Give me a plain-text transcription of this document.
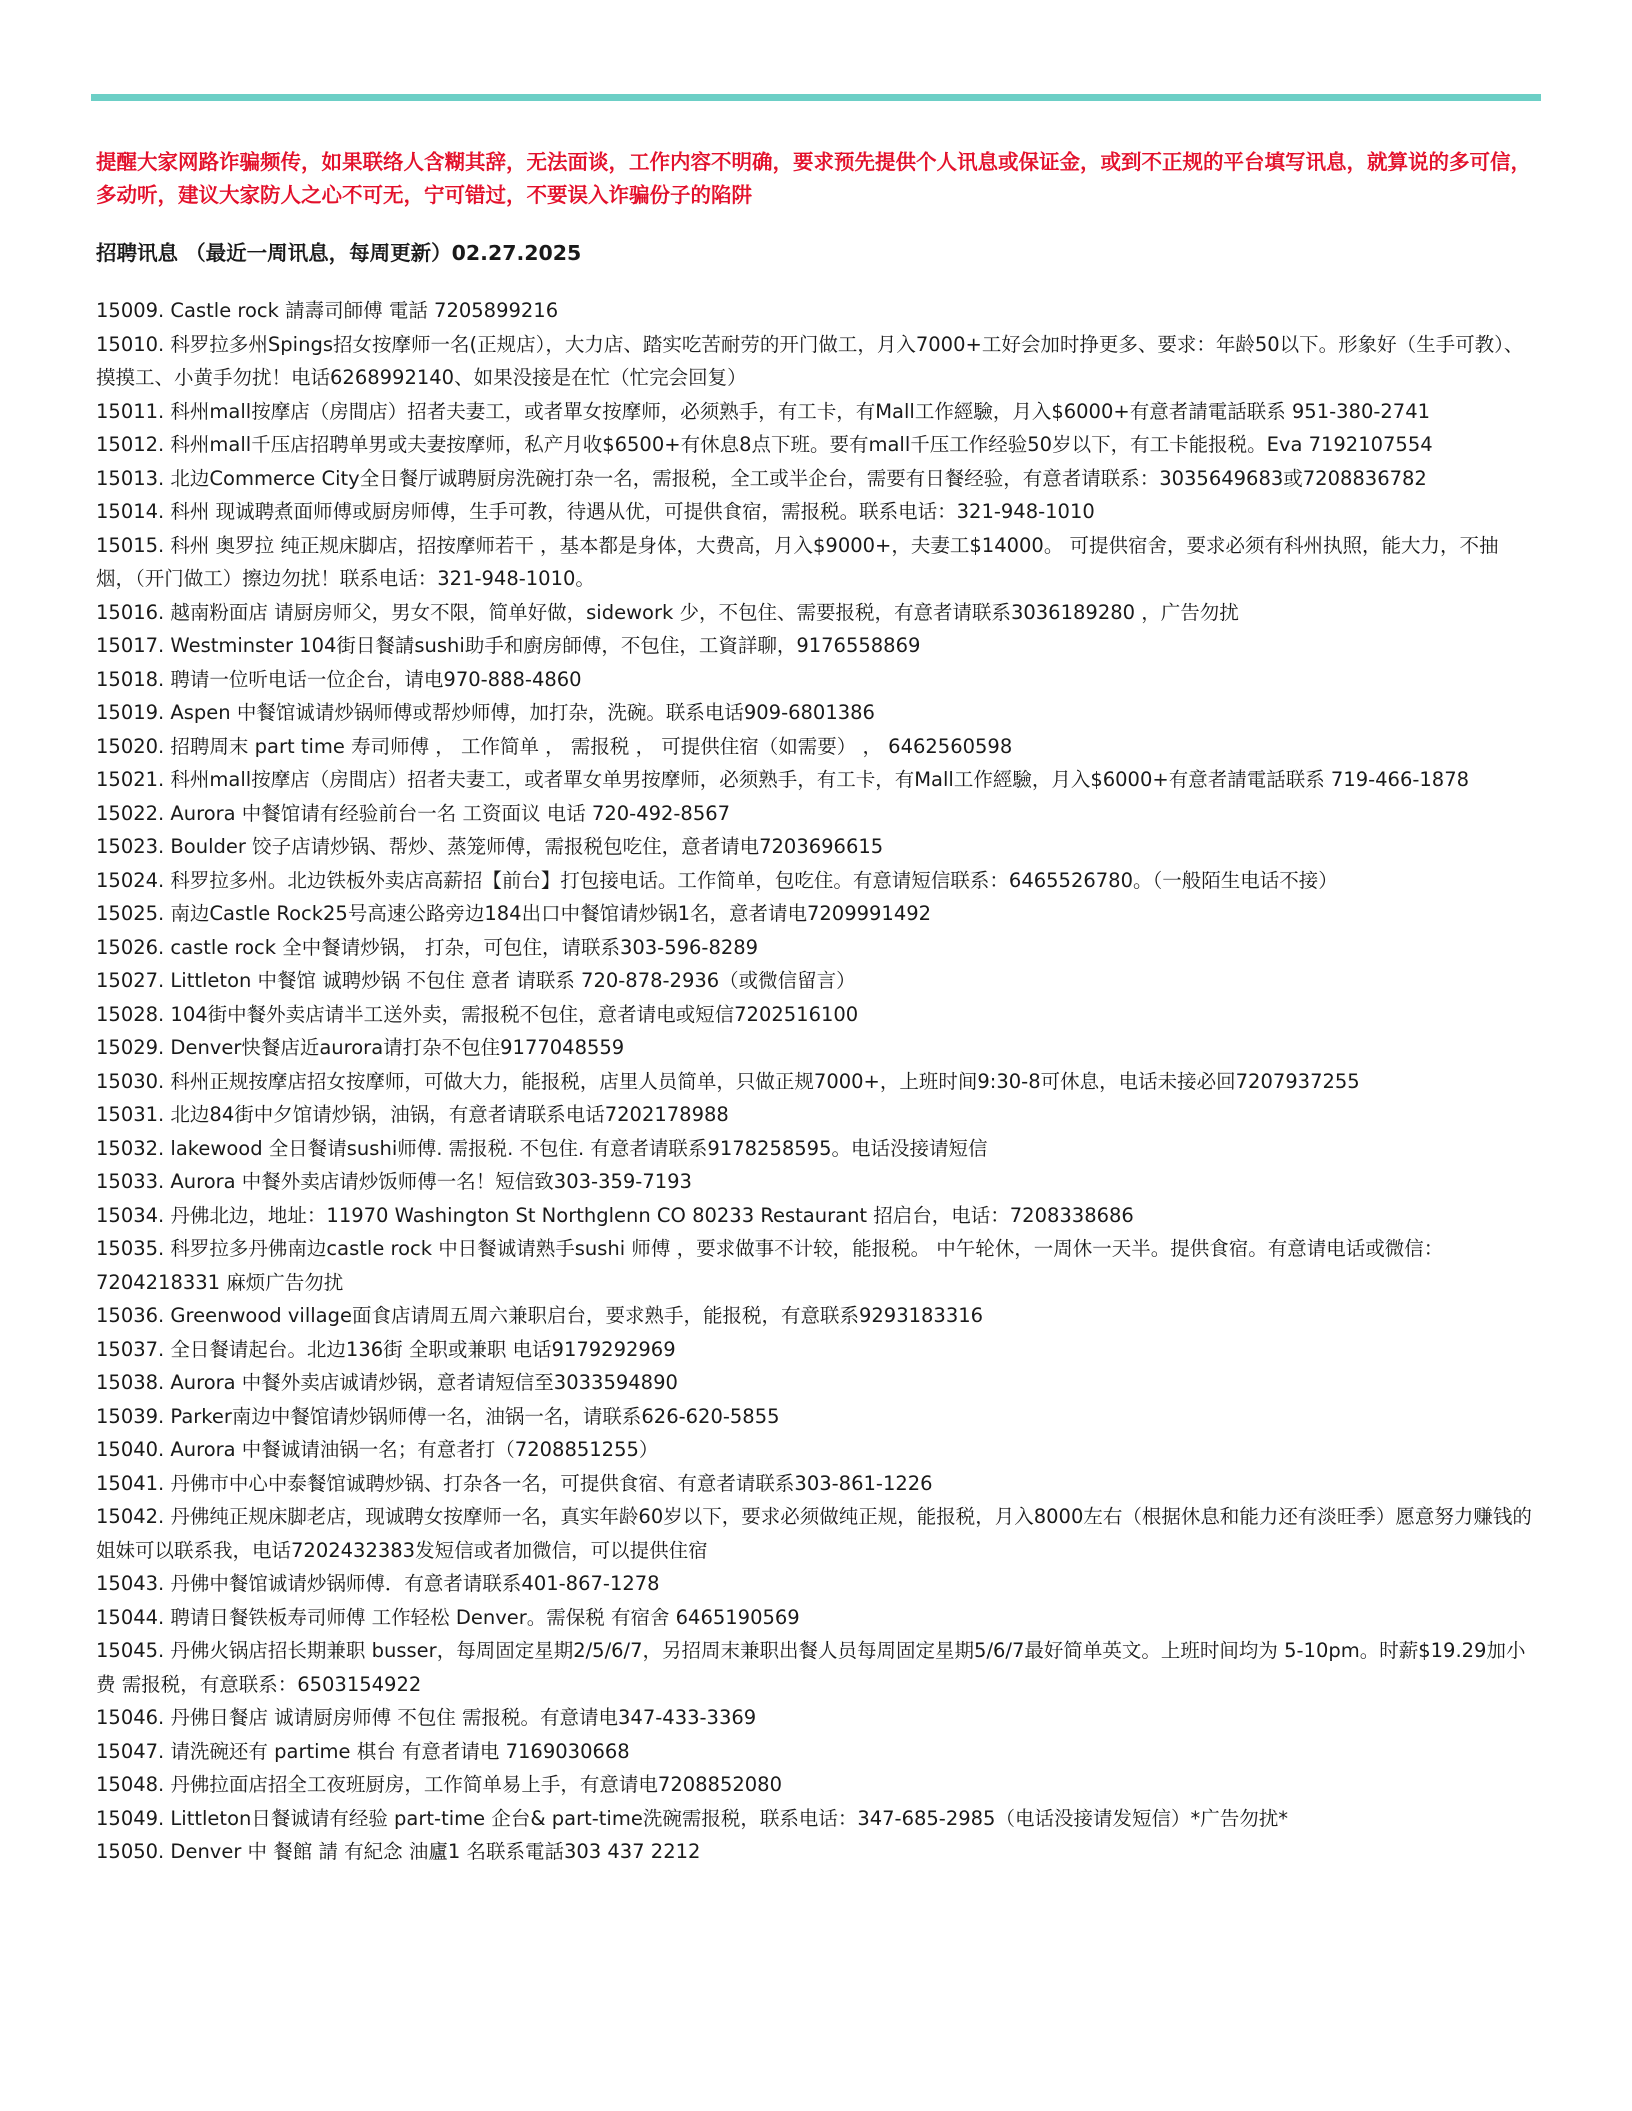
提醒大家网路诈骗频传，如果联络人含糊其辞，无法面谈，工作内容不明确，要求预先提供个人讯息或保证金，或到不正规的平台填写讯息，就算说的多可信，多动听，建议大家防人之心不可无，宁可错过，不要误入诈骗份子的陷阱

招聘讯息 （最近一周讯息，每周更新）02.27.2025

15009. Castle rock 請壽司師傅 電話 7205899216
15010. 科罗拉多州Spings招女按摩师一名(正规店），大力店、踏实吃苦耐劳的开门做工，月入7000+工好会加时挣更多、要求：年龄50以下。形象好（生手可教）、摸摸工、小黄手勿扰！电话6268992140、如果没接是在忙（忙完会回复）
15011. 科州mall按摩店（房間店）招者夫妻工，或者單女按摩师，必须熟手，有工卡，有Mall工作經驗，月入$6000+有意者請電話联系 951-380-2741
15012. 科州mall千压店招聘单男或夫妻按摩师，私产月收$6500+有休息8点下班。要有mall千压工作经验50岁以下，有工卡能报税。Eva 7192107554
15013. 北边Commerce City全日餐厅诚聘厨房洗碗打杂一名，需报税，全工或半企台，需要有日餐经验，有意者请联系：3035649683或7208836782
15014. 科州 现诚聘煮面师傅或厨房师傅，生手可教，待遇从优，可提供食宿，需报税。联系电话：321-948-1010
15015. 科州 奥罗拉 纯正规床脚店，招按摩师若干 ，基本都是身体，大费高，月入$9000+，夫妻工$14000。 可提供宿舍，要求必须有科州执照，能大力，不抽烟，（开门做工）擦边勿扰！联系电话：321-948-1010。
15016. 越南粉面店 请厨房师父，男女不限，简单好做，sidework 少，不包住、需要报税，有意者请联系3036189280 ，广告勿扰
15017. Westminster 104街日餐請sushi助手和廚房師傅，不包住，工資詳聊，9176558869
15018. 聘请一位听电话一位企台，请电970-888-4860
15019. Aspen 中餐馆诚请炒锅师傅或帮炒师傅，加打杂，洗碗。联系电话909-6801386
15020. 招聘周末 part time 寿司师傅 ， 工作简单 ， 需报税 ， 可提供住宿（如需要） ， 6462560598
15021. 科州mall按摩店（房間店）招者夫妻工，或者單女单男按摩师，必须熟手，有工卡，有Mall工作經驗，月入$6000+有意者請電話联系 719-466-1878
15022. Aurora 中餐馆请有经验前台一名 工资面议 电话 720-492-8567
15023. Boulder 饺子店请炒锅、帮炒、蒸笼师傅，需报税包吃住，意者请电7203696615
15024. 科罗拉多州。北边铁板外卖店高薪招【前台】打包接电话。工作简单，包吃住。有意请短信联系：6465526780。（一般陌生电话不接）
15025. 南边Castle Rock25号高速公路旁边184出口中餐馆请炒锅1名，意者请电7209991492
15026. castle rock 全中餐请炒锅， 打杂，可包住，请联系303-596-8289
15027. Littleton 中餐馆 诚聘炒锅 不包住 意者 请联系 720-878-2936（或微信留言）
15028. 104街中餐外卖店请半工送外卖，需报税不包住，意者请电或短信7202516100
15029. Denver快餐店近aurora请打杂不包住9177048559
15030. 科州正规按摩店招女按摩师，可做大力，能报税，店里人员简单，只做正规7000+，上班时间9:30-8可休息，电话未接必回7207937255
15031. 北边84街中夕馆请炒锅，油锅，有意者请联系电话7202178988
15032. lakewood 全日餐请sushi师傅. 需报税. 不包住. 有意者请联系9178258595。电话没接请短信
15033. Aurora 中餐外卖店请炒饭师傅一名！短信致303-359-7193
15034. 丹佛北边，地址：11970 Washington St Northglenn CO 80233 Restaurant 招启台，电话：7208338686
15035. 科罗拉多丹佛南边castle rock 中日餐诚请熟手sushi 师傅 ，要求做事不计较，能报税。 中午轮休，一周休一天半。提供食宿。有意请电话或微信：7204218331 麻烦广告勿扰
15036. Greenwood village面食店请周五周六兼职启台，要求熟手，能报税，有意联系9293183316
15037. 全日餐请起台。北边136街 全职或兼职 电话9179292969
15038. Aurora 中餐外卖店诚请炒锅，意者请短信至3033594890
15039. Parker南边中餐馆请炒锅师傅一名，油锅一名，请联系626-620-5855
15040. Aurora 中餐诚请油锅一名；有意者打（7208851255）
15041. 丹佛市中心中泰餐馆诚聘炒锅、打杂各一名，可提供食宿、有意者请联系303-861-1226
15042. 丹佛纯正规床脚老店，现诚聘女按摩师一名，真实年龄60岁以下，要求必须做纯正规，能报税，月入8000左右（根据休息和能力还有淡旺季）愿意努力赚钱的姐妹可以联系我，电话7202432383发短信或者加微信，可以提供住宿
15043. 丹佛中餐馆诚请炒锅师傅．有意者请联系401-867-1278
15044. 聘请日餐铁板寿司师傅 工作轻松 Denver。需保税 有宿舍 6465190569
15045. 丹佛火锅店招长期兼职 busser，每周固定星期2/5/6/7，另招周末兼职出餐人员每周固定星期5/6/7最好简单英文。上班时间均为 5-10pm。时薪$19.29加小费 需报税，有意联系：6503154922
15046. 丹佛日餐店 诚请厨房师傅 不包住 需报税。有意请电347-433-3369
15047. 请洗碗还有 partime 棋台 有意者请电 7169030668
15048. 丹佛拉面店招全工夜班厨房，工作简单易上手，有意请电7208852080
15049. Littleton日餐诚请有经验 part-time 企台& part-time洗碗需报税，联系电话：347-685-2985（电话没接请发短信）*广告勿扰*
15050. Denver 中 餐館 請 有紀念 油廬1 名联系電話303 437 2212
